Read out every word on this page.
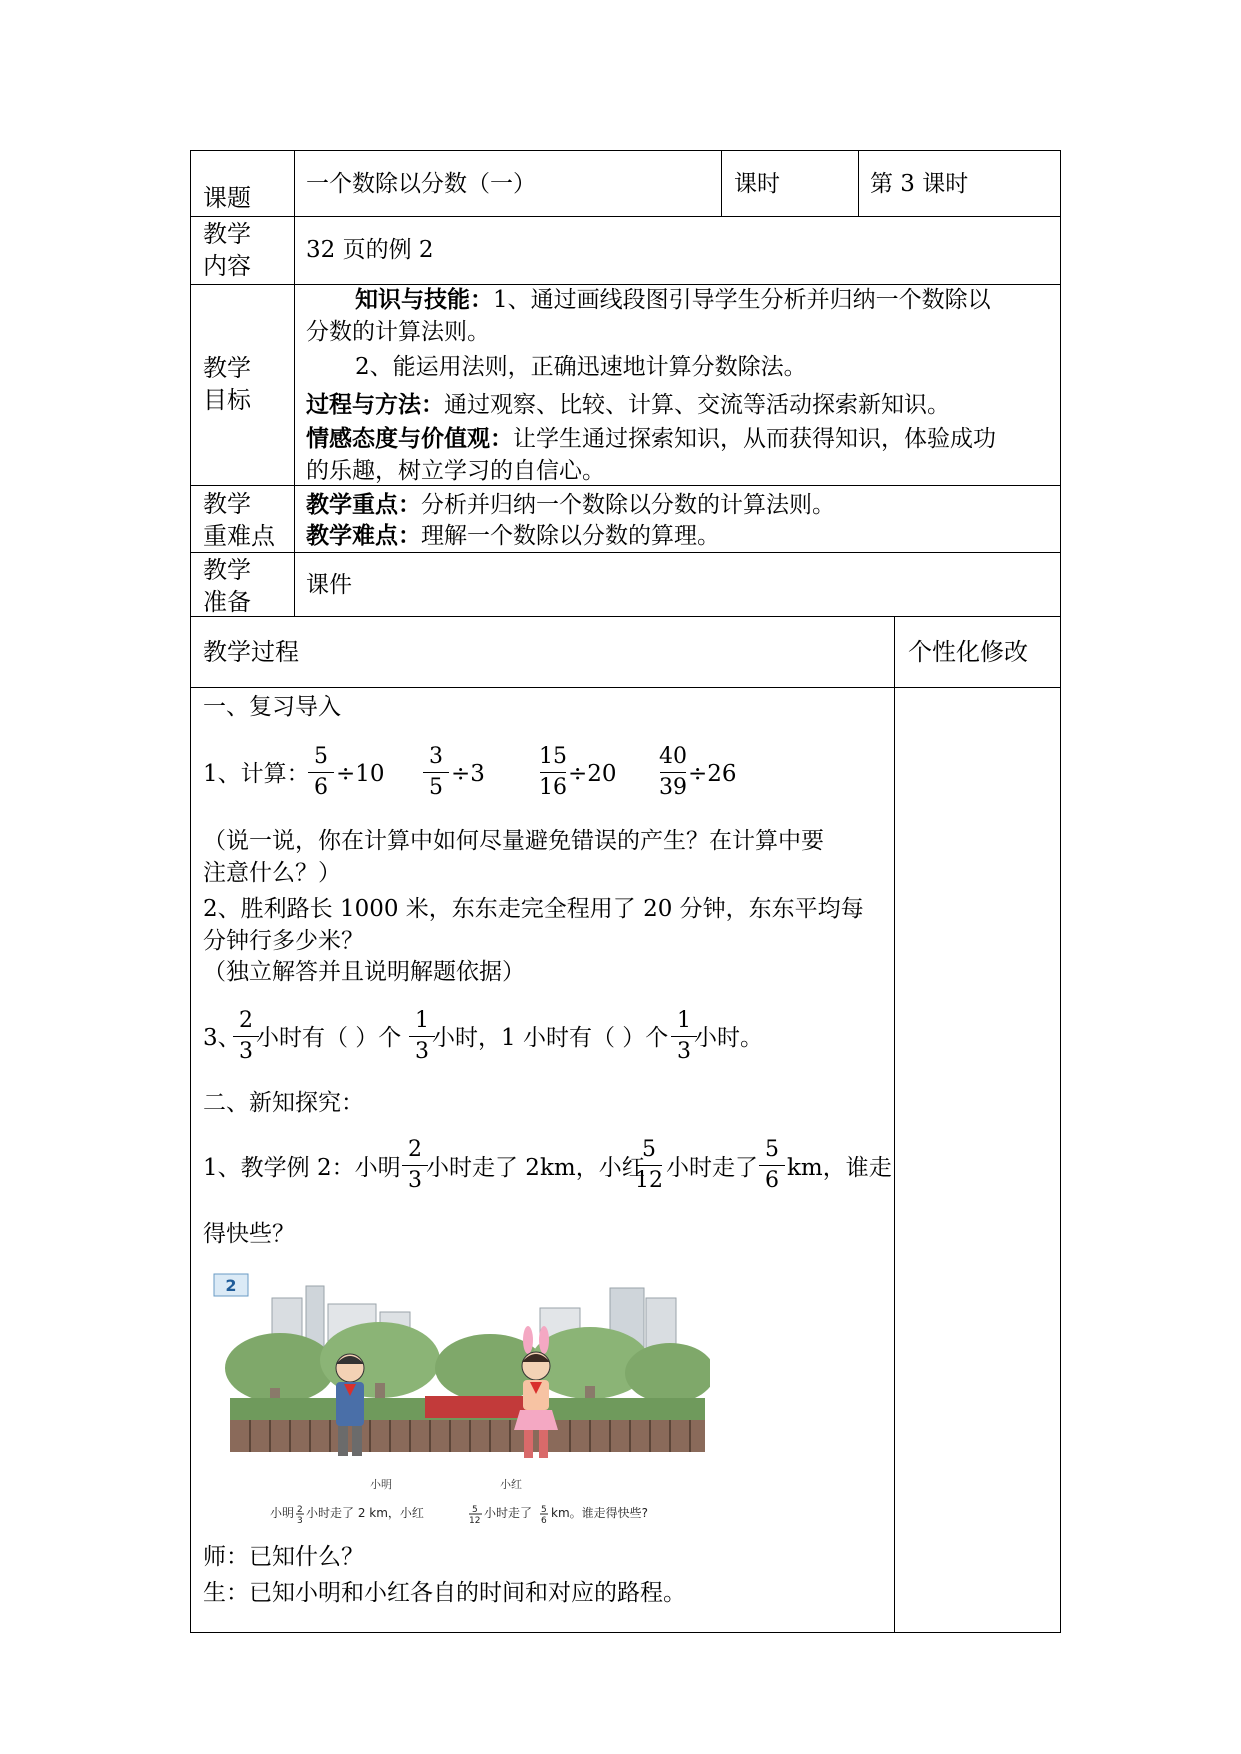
课题 一个数除以分数（一）	课时	第 3 课时
教学
内容
32 页的例 2
教学
目标
知识与技能：1、通过画线段图引导学生分析并归纳一个数除以
分数的计算法则。
2、能运用法则，正确迅速地计算分数除法。
过程与方法：通过观察、比较、计算、交流等活动探索新知识。
情感态度与价值观：让学生通过探索知识，从而获得知识，体验成功
的乐趣，树立学习的自信心。
教学
重难点
教学重点：分析并归纳一个数除以分数的计算法则。
教学难点：理解一个数除以分数的算理。
教学
准备
课件
教学过程	个性化修改
一、复习导入
1、计算：
5
6
÷10
3
5
÷3
15
16
÷20
40
39
÷26
（说一说，你在计算中如何尽量避免错误的产生？在计算中要
注意什么？）
2、胜利路长 1000 米，东东走完全程用了 20 分钟，东东平均每
分钟行多少米？
（独立解答并且说明解题依据）
3、
2
3
小时有（ ）个
1
3
小时，1 小时有（ ）个
1
3
小时。
二、新知探究：
1、教学例 2：小明
2
3 小时走了 2km，小红
5
12 小时走了
5
6 km，谁走
得快些？
2
小明	小红
小明 2
3
小时走了 2 km，小红	5
12
小时走了 5
6
km。谁走得快些?
师：已知什么？
生：已知小明和小红各自的时间和对应的路程。
